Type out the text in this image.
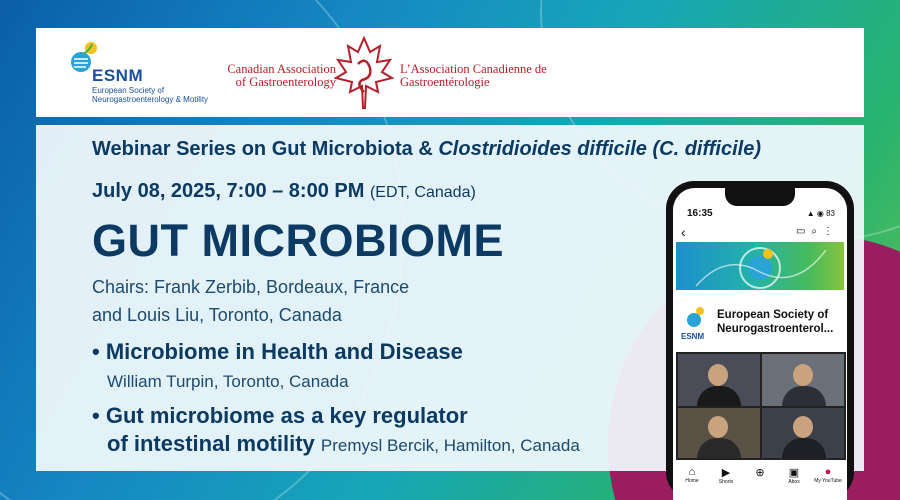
ESNM
European Society of Neurogastroenterology & Motility
Canadian Association of Gastroenterology
L’Association Canadienne de Gastroentérologie
Webinar Series on Gut Microbiota & Clostridioides difficile (C. difficile)
July 08, 2025, 7:00 – 8:00 PM (EDT, Canada)
GUT MICROBIOME
Chairs: Frank Zerbib, Bordeaux, France
and Louis Liu, Toronto, Canada
• Microbiome in Health and Disease
William Turpin, Toronto, Canada
• Gut microbiome as a key regulator
of intestinal motility Premysl Bercik, Hamilton, Canada
16:35	▲ ◉ 83
‹	▭⌕⋮
ESNM
European Society of Neurogastroenterol...
⌂
Home
▶
Shorts
⊕	▣
Abos
●
My YouTube
